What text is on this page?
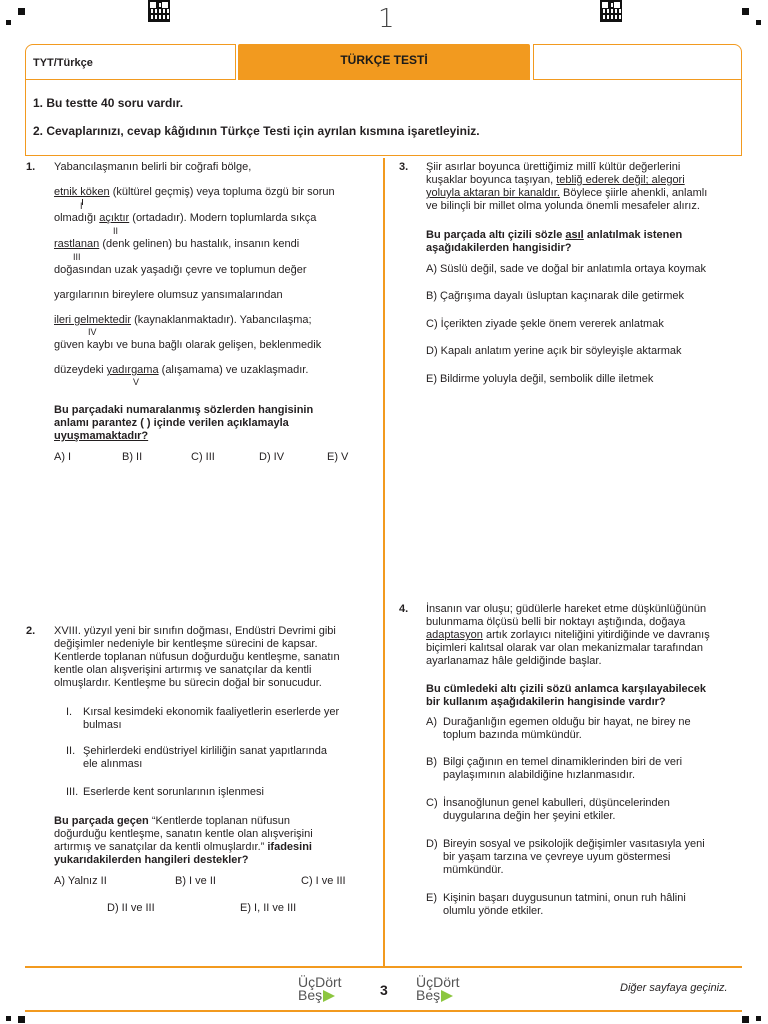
1
TYT/Türkçe	TÜRKÇE TESTİ
1. Bu testte 40 soru vardır.
2. Cevaplarınızı, cevap kâğıdının Türkçe Testi için ayrılan kısmına işaretleyiniz.
1. Yabancılaşmanın belirli bir coğrafi bölge,
etnik köken (kültürel geçmiş) veya topluma özgü bir sorun
I
olmadığı açıktır (ortadadır). Modern toplumlarda sıkça
II
rastlanan (denk gelinen) bu hastalık, insanın kendi
III
doğasından uzak yaşadığı çevre ve toplumun değer
yargılarının bireylere olumsuz yansımalarından
ileri gelmektedir (kaynaklanmaktadır). Yabancılaşma;
IV
güven kaybı ve buna bağlı olarak gelişen, beklenmedik
düzeydeki yadırgama (alışamama) ve uzaklaşmadır.
V
Bu parçadaki numaralanmış sözlerden hangisinin
anlamı parantez ( ) içinde verilen açıklamayla
uyuşmamaktadır?
A) I	B) II	C) III	D) IV	E) V
2. XVIII. yüzyıl yeni bir sınıfın doğması, Endüstri Devrimi gibi
değişimler nedeniyle bir kentleşme sürecini de kapsar.
Kentlerde toplanan nüfusun doğurduğu kentleşme, sanatın
kentle olan alışverişini artırmış ve sanatçılar da kentli
olmuşlardır. Kentleşme bu sürecin doğal bir sonucudur.
I. Kırsal kesimdeki ekonomik faaliyetlerin eserlerde yer
bulması
II. Şehirlerdeki endüstriyel kirliliğin sanat yapıtlarında
ele alınması
III. Eserlerde kent sorunlarının işlenmesi
Bu parçada geçen “Kentlerde toplanan nüfusun
doğurduğu kentleşme, sanatın kentle olan alışverişini
artırmış ve sanatçılar da kentli olmuşlardır.” ifadesini
yukarıdakilerden hangileri destekler?
A) Yalnız II	B) I ve II	C) I ve III
D) II ve III	E) I, II ve III
3. Şiir asırlar boyunca ürettiğimiz millî kültür değerlerini
kuşaklar boyunca taşıyan, tebliğ ederek değil; alegori
yoluyla aktaran bir kanaldır. Böylece şiirle ahenkli, anlamlı
ve bilinçli bir millet olma yolunda önemli mesafeler alırız.
Bu parçada altı çizili sözle asıl anlatılmak istenen
aşağıdakilerden hangisidir?
A) Süslü değil, sade ve doğal bir anlatımla ortaya koymak
B) Çağrışıma dayalı üsluptan kaçınarak dile getirmek
C) İçerikten ziyade şekle önem vererek anlatmak
D) Kapalı anlatım yerine açık bir söyleyişle aktarmak
E) Bildirme yoluyla değil, sembolik dille iletmek
4. İnsanın var oluşu; güdülerle hareket etme düşkünlüğünün
bulunmama ölçüsü belli bir noktayı aştığında, doğaya
adaptasyon artık zorlayıcı niteliğini yitirdiğinde ve davranış
biçimleri kalıtsal olarak var olan mekanizmalar tarafından
ayarlanamaz hâle geldiğinde başlar.
Bu cümledeki altı çizili sözü anlamca karşılayabilecek
bir kullanım aşağıdakilerin hangisinde vardır?
A) Durağanlığın egemen olduğu bir hayat, ne birey ne
toplum bazında mümkündür.
B) Bilgi çağının en temel dinamiklerinden biri de veri
paylaşımının alabildiğine hızlanmasıdır.
C) İnsanoğlunun genel kabulleri, düşüncelerinden
duygularına değin her şeyini etkiler.
D) Bireyin sosyal ve psikolojik değişimler vasıtasıyla yeni
bir yaşam tarzına ve çevreye uyum göstermesi
mümkündür.
E) Kişinin başarı duygusunun tatmini, onun ruh hâlini
olumlu yönde etkiler.
ÜçDört
Beş	3 ÜçDört
Beş	Diğer sayfaya geçiniz.
